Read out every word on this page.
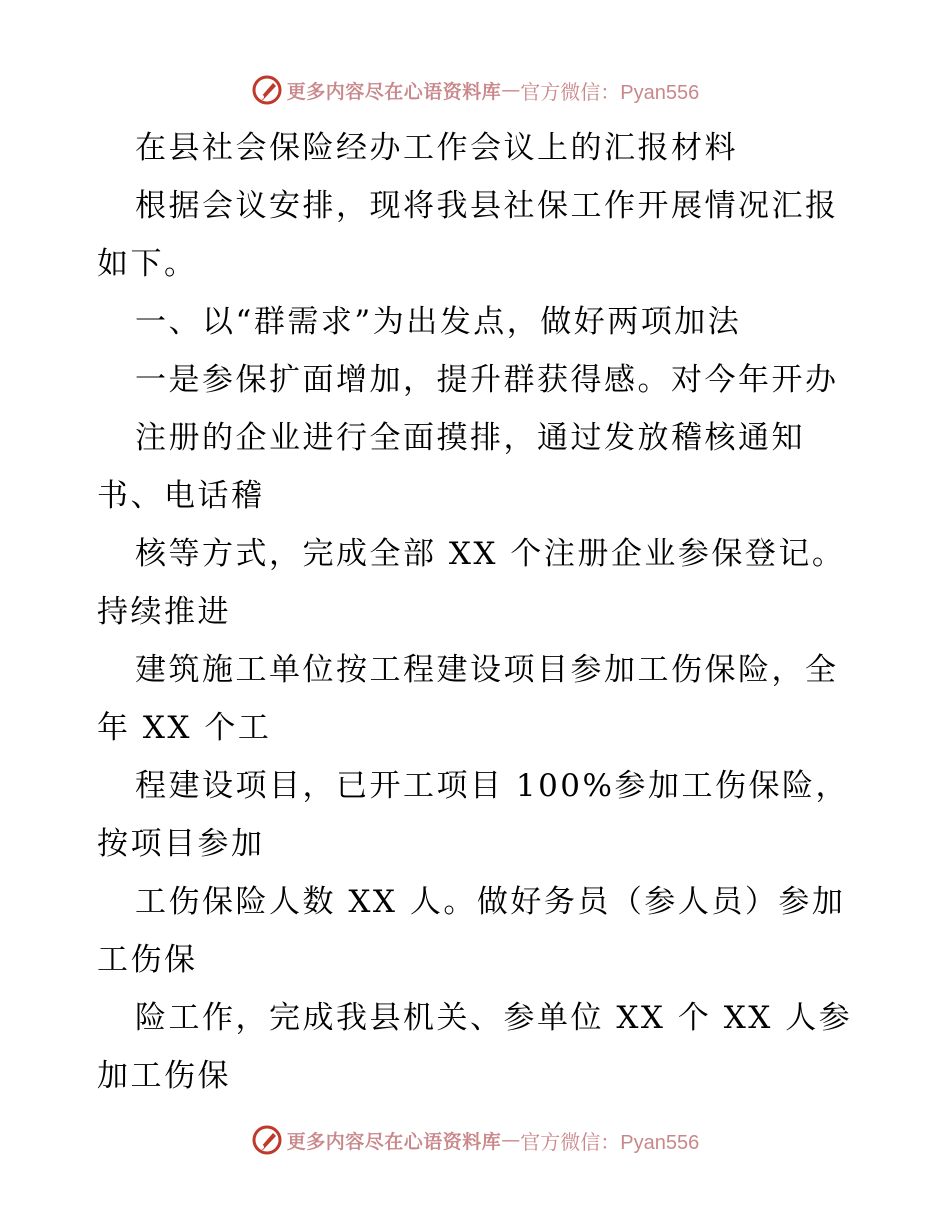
更多内容尽在心语资料库 — 官方微信：Pyan556
在县社会保险经办工作会议上的汇报材料
根据会议安排，现将我县社保工作开展情况汇报
如下。
一、以“群需求”为出发点，做好两项加法
一是参保扩面增加，提升群获得感。对今年开办
注册的企业进行全面摸排，通过发放稽核通知
书、电话稽
核等方式，完成全部 XX 个注册企业参保登记。
持续推进
建筑施工单位按工程建设项目参加工伤保险，全
年 XX 个工
程建设项目，已开工项目 100%参加工伤保险，
按项目参加
工伤保险人数 XX 人。做好务员（参人员）参加
工伤保
险工作，完成我县机关、参单位 XX 个 XX 人参
加工伤保
更多内容尽在心语资料库 — 官方微信：Pyan556
